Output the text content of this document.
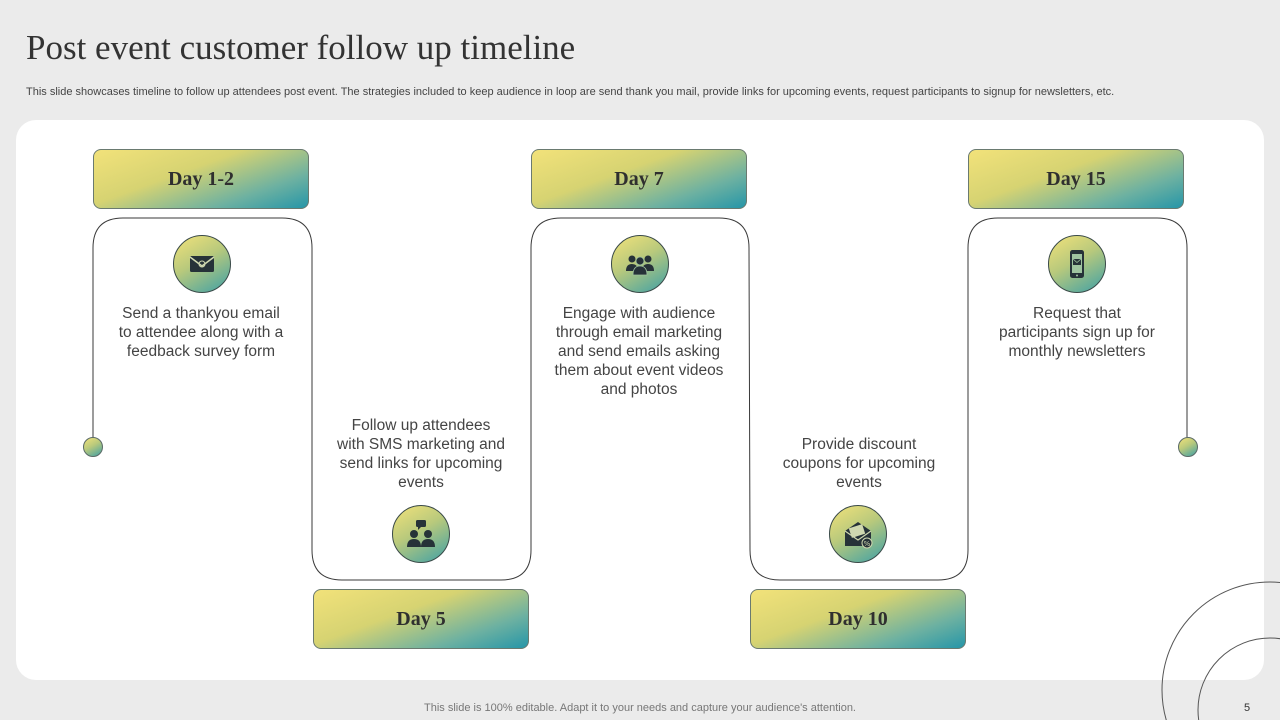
Post event customer follow up timeline
This slide showcases timeline to follow up attendees post event. The strategies included to keep audience in loop are send thank you mail, provide links for upcoming events, request participants to signup for newsletters, etc.
Day 1-2
Send a thankyou email to attendee along with a feedback survey form
Day 5
Follow up attendees with SMS marketing and send links for upcoming events
Day 7
Engage with audience through email marketing and send emails asking them about event videos and photos
Day 10
%
Provide discount coupons for upcoming events
Day 15
Request that participants sign up for monthly newsletters
This slide is 100% editable. Adapt it to your needs and capture your audience's attention.	5
